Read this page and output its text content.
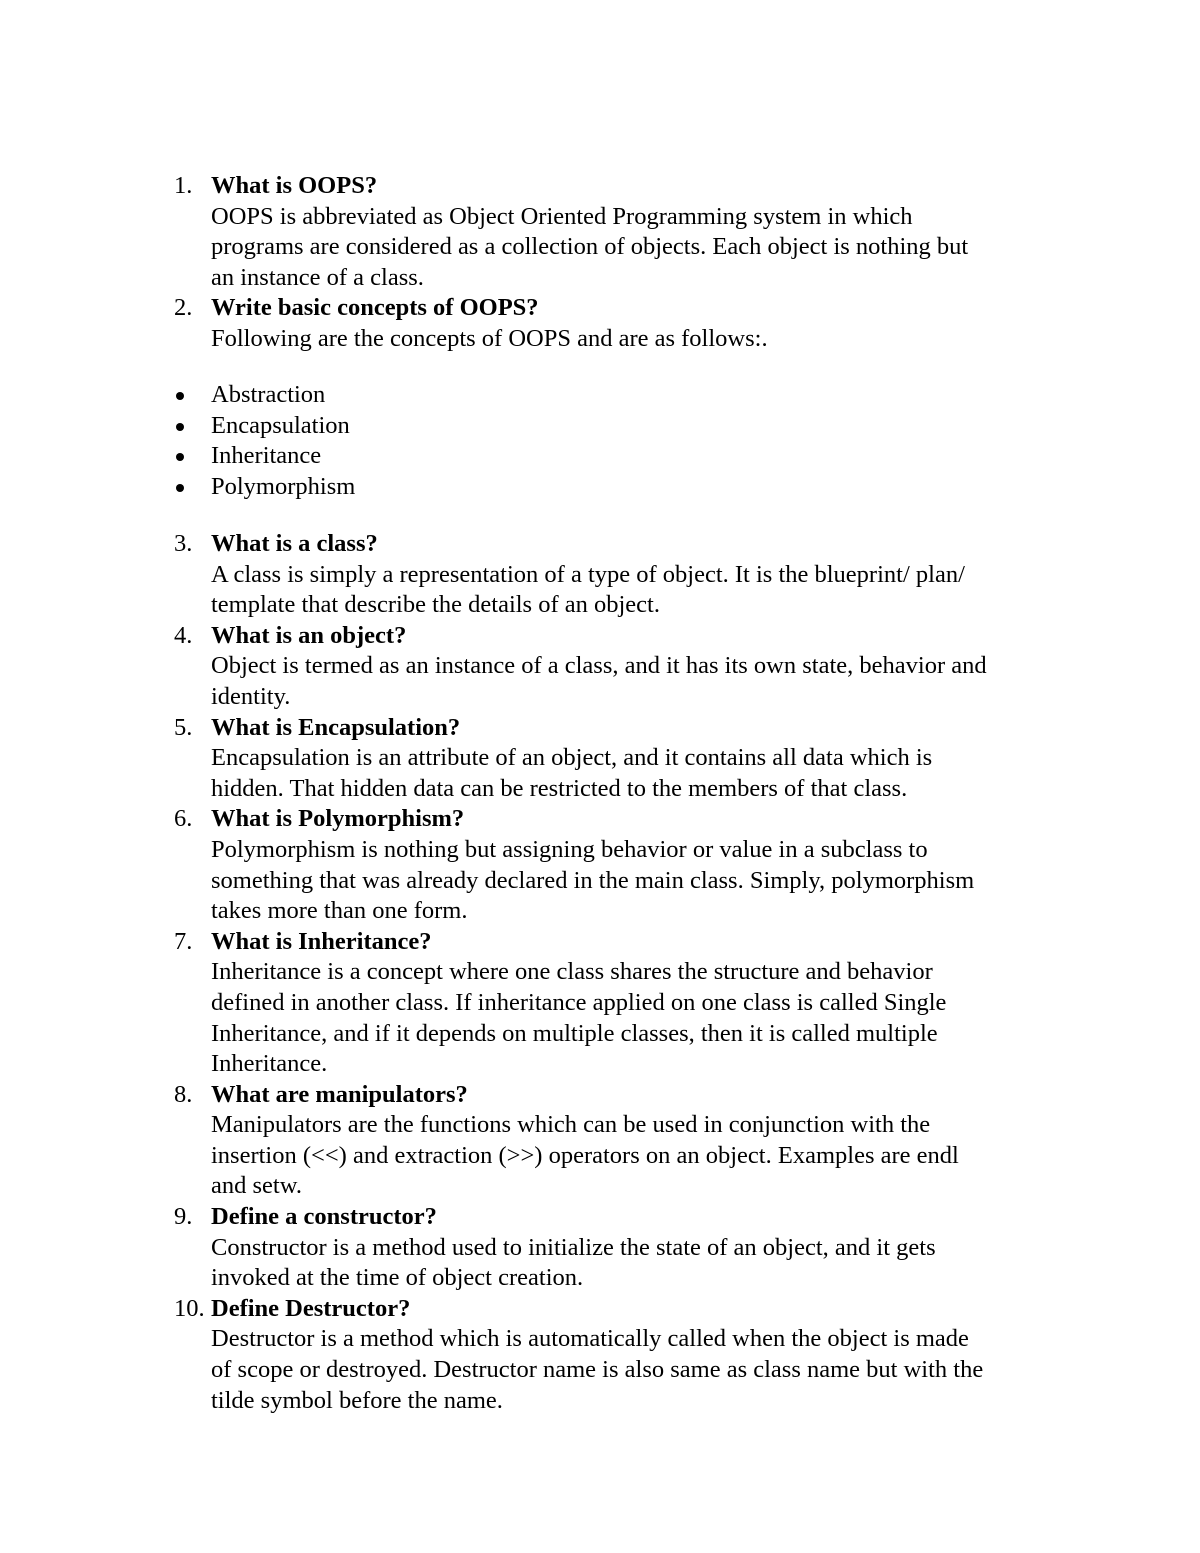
1. What is OOPS?
OOPS is abbreviated as Object Oriented Programming system in which
programs are considered as a collection of objects. Each object is nothing but
an instance of a class.
2. Write basic concepts of OOPS?
Following are the concepts of OOPS and are as follows:.
Abstraction
Encapsulation
Inheritance
Polymorphism
3. What is a class?
A class is simply a representation of a type of object. It is the blueprint/ plan/
template that describe the details of an object.
4. What is an object?
Object is termed as an instance of a class, and it has its own state, behavior and
identity.
5. What is Encapsulation?
Encapsulation is an attribute of an object, and it contains all data which is
hidden. That hidden data can be restricted to the members of that class.
6. What is Polymorphism?
Polymorphism is nothing but assigning behavior or value in a subclass to
something that was already declared in the main class. Simply, polymorphism
takes more than one form.
7. What is Inheritance?
Inheritance is a concept where one class shares the structure and behavior
defined in another class. If inheritance applied on one class is called Single
Inheritance, and if it depends on multiple classes, then it is called multiple
Inheritance.
8. What are manipulators?
Manipulators are the functions which can be used in conjunction with the
insertion (<<) and extraction (>>) operators on an object. Examples are endl
and setw.
9. Define a constructor?
Constructor is a method used to initialize the state of an object, and it gets
invoked at the time of object creation.
10. Define Destructor?
Destructor is a method which is automatically called when the object is made
of scope or destroyed. Destructor name is also same as class name but with the
tilde symbol before the name.
